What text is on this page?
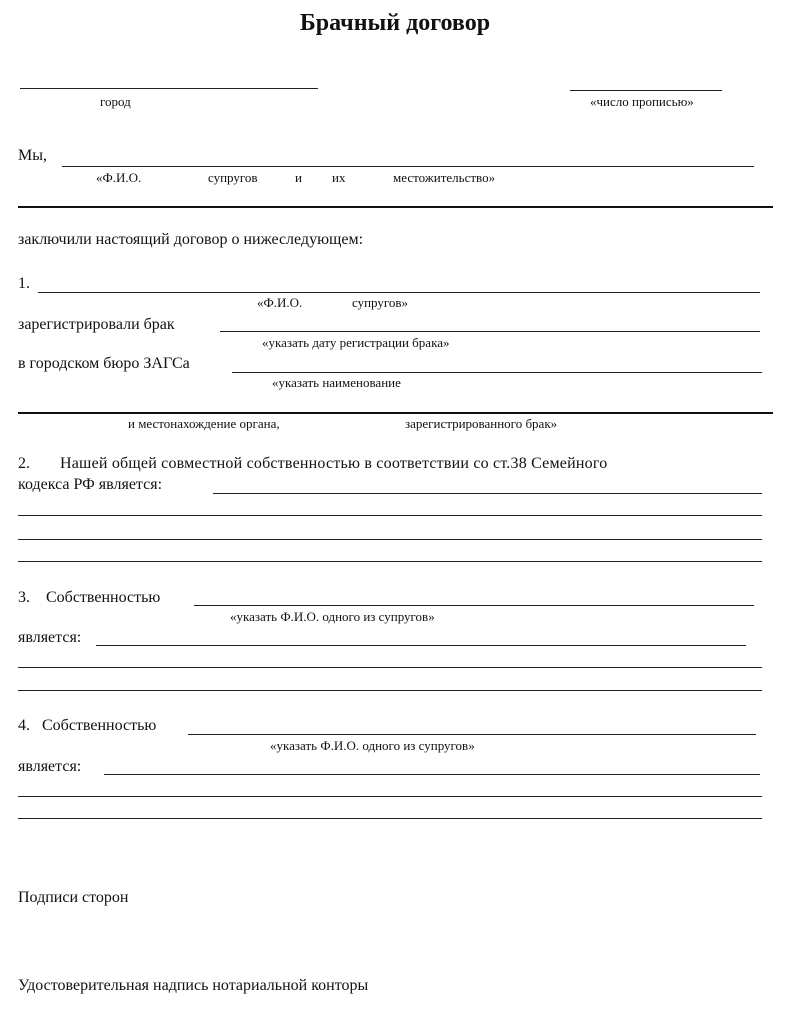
Брачный договор
город	«число прописью»
Мы,
«Ф.И.О.	супругов	и их	местожительство»
заключили настоящий договор о нижеследующем:
1.
«Ф.И.О.	супругов»
зарегистрировали брак
«указать дату регистрации брака»
в городском бюро ЗАГСа
«указать наименование
и местонахождение органа,	зарегистрированного брак»
2. Нашей общей совместной собственностью в соответствии со ст.38 Семейного
кодекса РФ является:
3. Собственностью
«указать Ф.И.О. одного из супругов»
является:
4. Собственностью
«указать Ф.И.О. одного из супругов»
является:
Подписи сторон
Удостоверительная надпись нотариальной конторы
